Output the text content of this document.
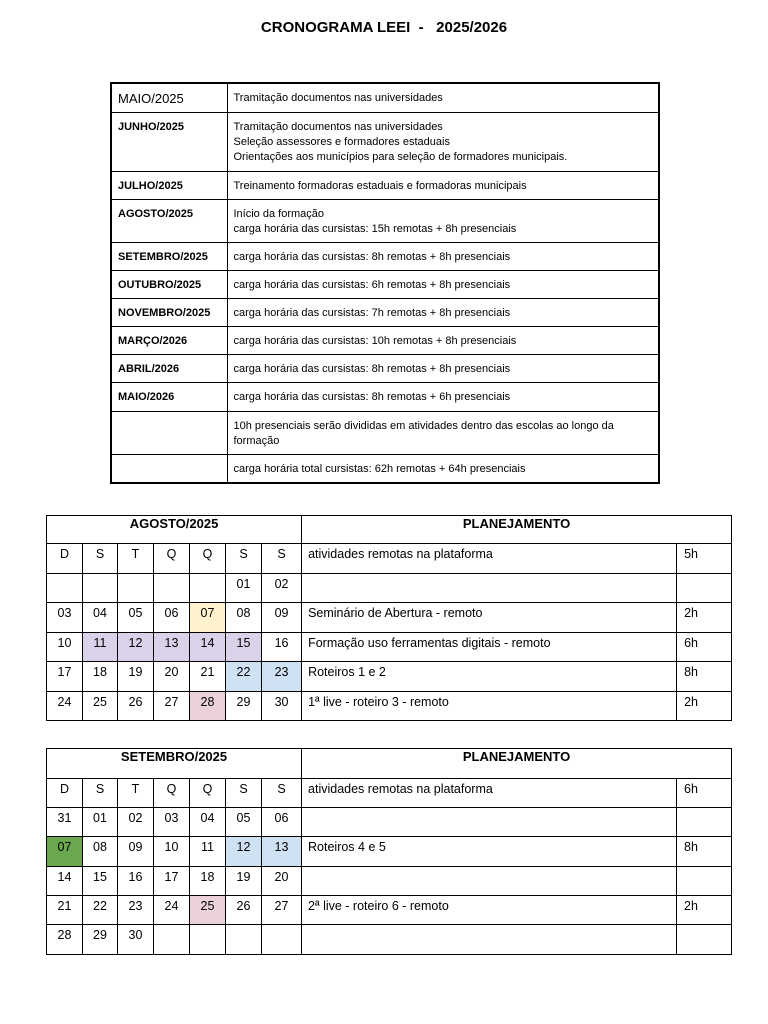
CRONOGRAMA LEEI  -   2025/2026
MAIO/2025	Tramitação documentos nas universidades

JUNHO/2025	Tramitação documentos nas universidades
Seleção assessores e formadores estaduais
Orientações aos municípios para seleção de formadores municipais.

JULHO/2025	Treinamento formadoras estaduais e formadoras municipais

AGOSTO/2025	Início da formação
carga horária das cursistas: 15h remotas + 8h presenciais

SETEMBRO/2025	carga horária das cursistas: 8h remotas + 8h presenciais

OUTUBRO/2025	carga horária das cursistas: 6h remotas + 8h presenciais

NOVEMBRO/2025	carga horária das cursistas: 7h remotas + 8h presenciais

MARÇO/2026	carga horária das cursistas: 10h remotas + 8h presenciais

ABRIL/2026	carga horária das cursistas: 8h remotas + 8h presenciais

MAIO/2026	carga horária das cursistas: 8h remotas + 6h presenciais

	10h presenciais serão divididas em atividades dentro das escolas ao longo da formação

	carga horária total cursistas: 62h remotas + 64h presenciais
AGOSTO/2025							PLANEJAMENTO	
D	S	T	Q	Q	S	S	atividades remotas na plataforma	5h
					01	02		
03	04	05	06	07	08	09	Seminário de Abertura - remoto	2h
10	11	12	13	14	15	16	Formação uso ferramentas digitais - remoto	6h
17	18	19	20	21	22	23	Roteiros 1 e 2	8h
24	25	26	27	28	29	30	1ª live - roteiro 3 - remoto	2h
SETEMBRO/2025							PLANEJAMENTO	
D	S	T	Q	Q	S	S	atividades remotas na plataforma	6h
31	01	02	03	04	05	06		
07	08	09	10	11	12	13	Roteiros 4 e 5	8h
14	15	16	17	18	19	20		
21	22	23	24	25	26	27	2ª live - roteiro 6 - remoto	2h
28	29	30						
